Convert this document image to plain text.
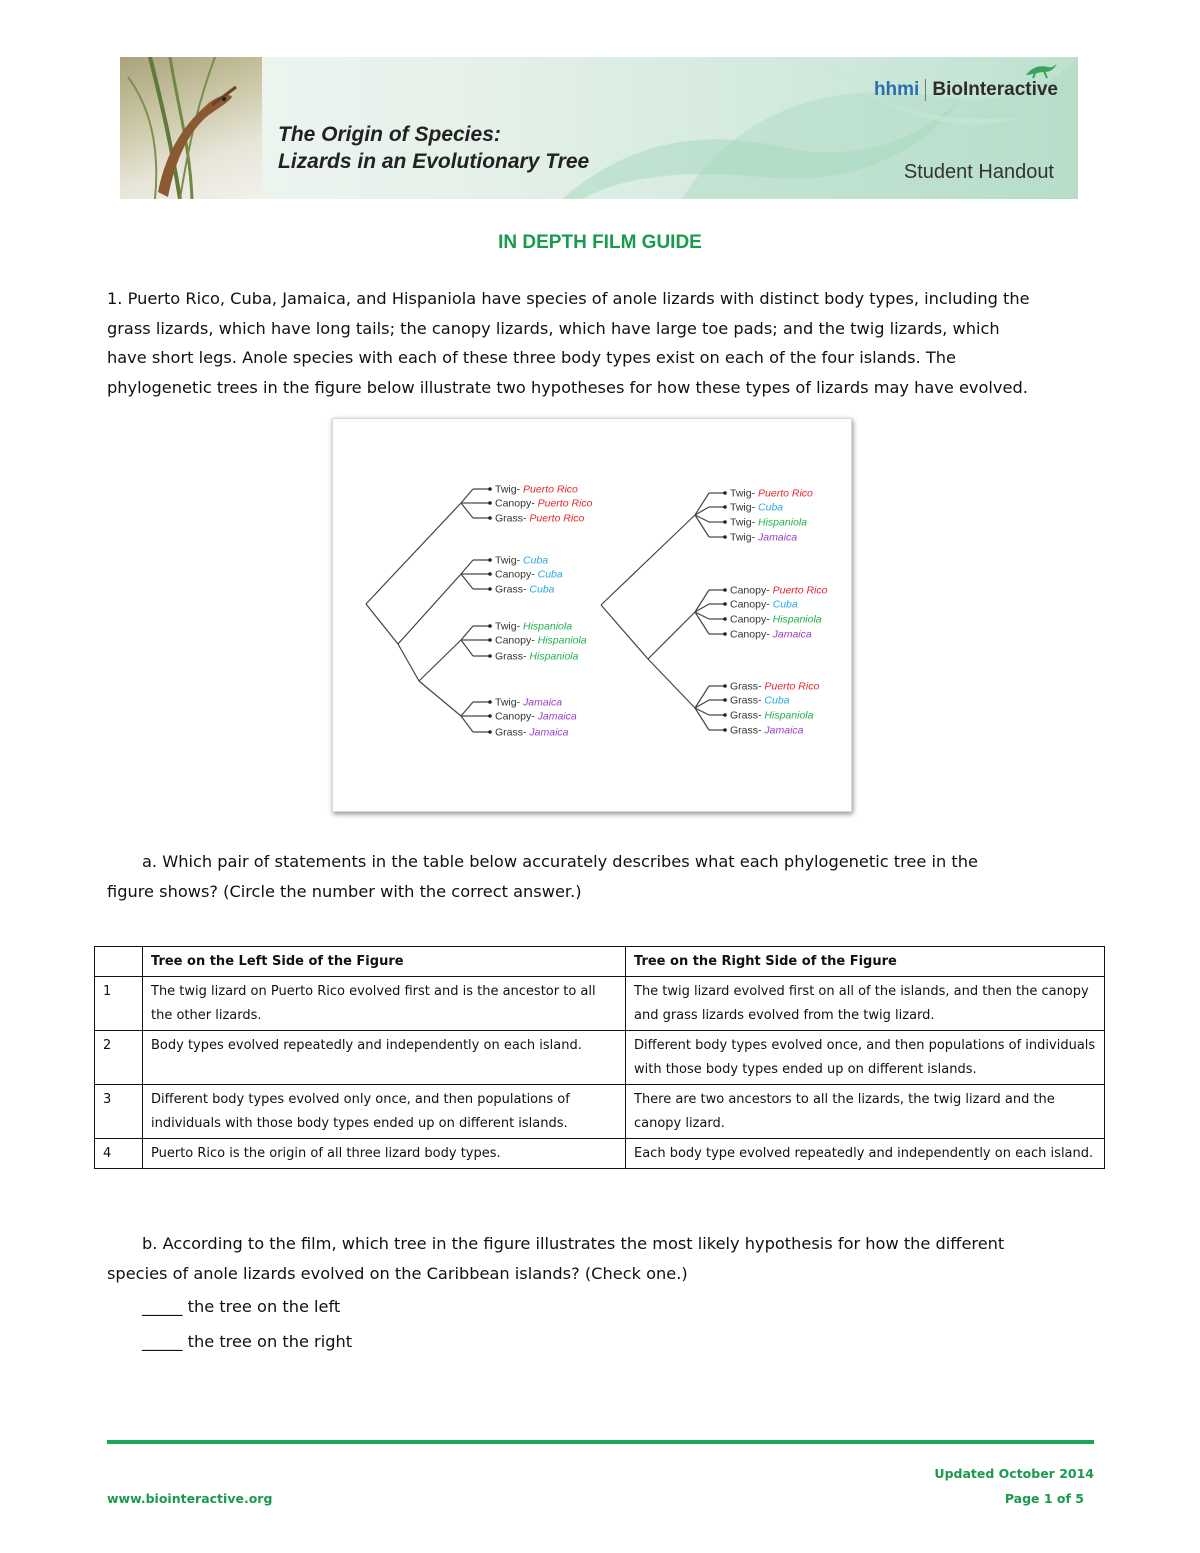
The Origin of Species:
Lizards in an Evolutionary Tree
hhmi BioInteractive
Student Handout
IN DEPTH FILM GUIDE
1. Puerto Rico, Cuba, Jamaica, and Hispaniola have species of anole lizards with distinct body types, including the
grass lizards, which have long tails; the canopy lizards, which have large toe pads; and the twig lizards, which
have short legs. Anole species with each of these three body types exist on each of the four islands. The
phylogenetic trees in the figure below illustrate two hypotheses for how these types of lizards may have evolved.
Twig- Puerto Rico
Canopy- Puerto Rico
Grass- Puerto Rico
Twig- Cuba
Canopy- Cuba
Grass- Cuba
Twig- Hispaniola
Canopy- Hispaniola
Grass- Hispaniola
Twig- Jamaica
Canopy- Jamaica
Grass- Jamaica
Twig- Puerto Rico
Twig- Cuba
Twig- Hispaniola
Twig- Jamaica
Canopy- Puerto Rico
Canopy- Cuba
Canopy- Hispaniola
Canopy- Jamaica
Grass- Puerto Rico
Grass- Cuba
Grass- Hispaniola
Grass- Jamaica
a. Which pair of statements in the table below accurately describes what each phylogenetic tree in the
figure shows? (Circle the number with the correct answer.)
	Tree on the Left Side of the Figure	Tree on the Right Side of the Figure
1	The twig lizard on Puerto Rico evolved first and is the ancestor to all the other lizards.	The twig lizard evolved first on all of the islands, and then the canopy and grass lizards evolved from the twig lizard.
2	Body types evolved repeatedly and independently on each island.	Different body types evolved once, and then populations of individuals with those body types ended up on different islands.
3	Different body types evolved only once, and then populations of individuals with those body types ended up on different islands.	There are two ancestors to all the lizards, the twig lizard and the canopy lizard.
4	Puerto Rico is the origin of all three lizard body types.	Each body type evolved repeatedly and independently on each island.
b. According to the film, which tree in the figure illustrates the most likely hypothesis for how the different
species of anole lizards evolved on the Caribbean islands? (Check one.)
_____ the tree on the left
_____ the tree on the right
Updated October 2014
www.biointeractive.org	Page 1 of 5
